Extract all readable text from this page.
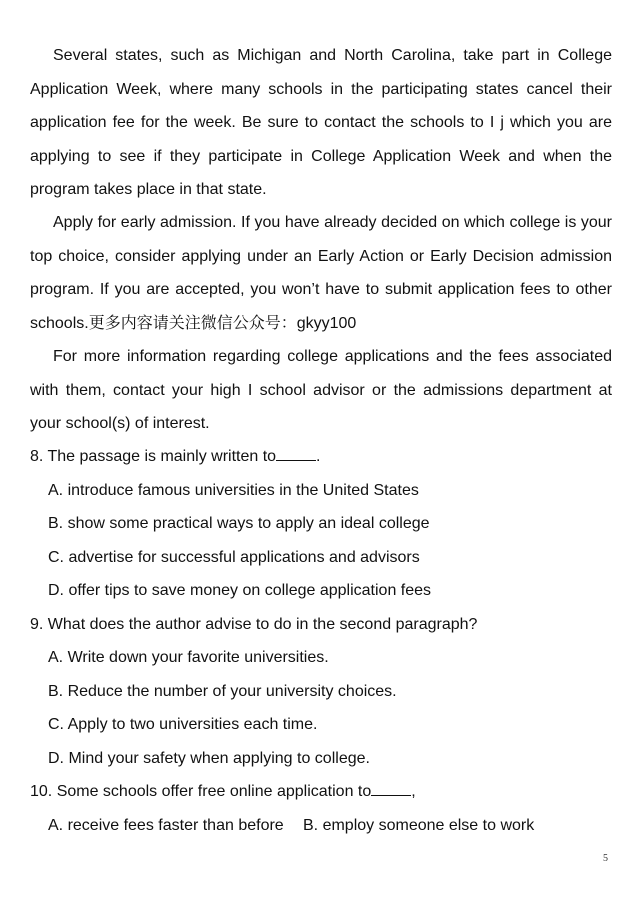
Several states, such as Michigan and North Carolina, take part in College Application Week, where many schools in the participating states cancel their application fee for the week. Be sure to contact the schools to I j which you are applying to see if they participate in College Application Week and when the program takes place in that state.

Apply for early admission. If you have already decided on which college is your top choice, consider applying under an Early Action or Early Decision admission program. If you are accepted, you won’t have to submit application fees to other schools.更多内容请关注微信公众号：gkyy100

For more information regarding college applications and the fees associated with them, contact your high I school advisor or the admissions department at your school(s) of interest.

8. The passage is mainly written to	.
A. introduce famous universities in the United States
B. show some practical ways to apply an ideal college
C. advertise for successful applications and advisors
D. offer tips to save money on college application fees
9. What does the author advise to do in the second paragraph?
A. Write down your favorite universities.
B. Reduce the number of your university choices.
C. Apply to two universities each time.
D. Mind your safety when applying to college.
10. Some schools offer free online application to	,
A. receive fees faster than before B. employ someone else to work
5
